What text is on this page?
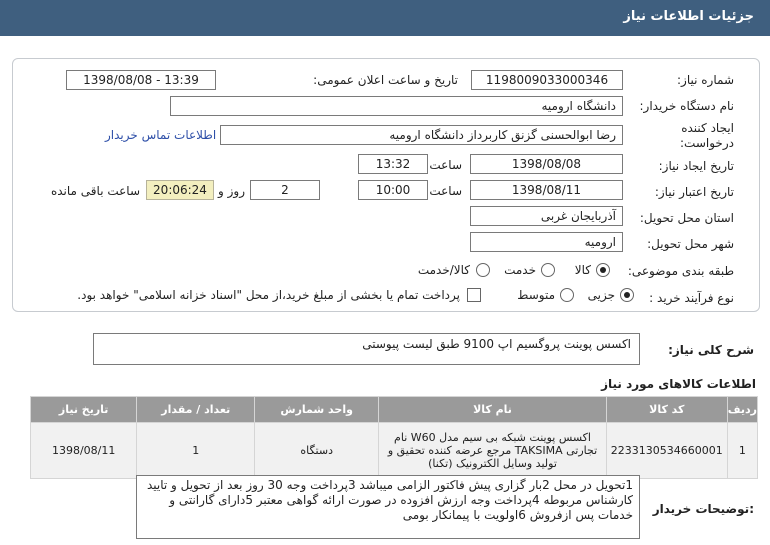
جزئیات اطلاعات نیاز
شماره نیاز:
1198009033000346
تاریخ و ساعت اعلان عمومی:
1398/08/08 - 13:39
نام دستگاه خریدار:
دانشگاه ارومیه
ایجاد کننده
درخواست:
رضا ابوالحسنی گزنق کاربرداز دانشگاه ارومیه
اطلاعات تماس خریدار
تاریخ ایجاد نیاز:
1398/08/08
ساعت
13:32
تاریخ اعتبار نیاز:
1398/08/11
ساعت
10:00
2
روز و
20:06:24
ساعت باقی مانده
استان محل تحویل:
آذربایجان غربی
شهر محل تحویل:
ارومیه
طبقه بندی موضوعی:
کالا
خدمت
کالا/خدمت
نوع فرآیند خرید :
جزیی
متوسط
پرداخت تمام یا بخشی از مبلغ خرید،از محل "اسناد خزانه اسلامی" خواهد بود.
شرح کلی نیاز:
اکسس پوینت پروگسیم اپ 9100 طبق لیست پیوستی
اطلاعات کالاهای مورد نیاز
ردیف	کد کالا	نام کالا	واحد شمارش	تعداد / مقدار	تاریخ نیاز
1	2233130534660001	اکسس پوینت شبکه بی سیم مدل W60 نام تجارتی TAKSIMA مرجع عرضه کننده تحقیق و تولید وسایل الکترونیک (تکنا)	دستگاه	1	1398/08/11
توضیحات خریدار:
1تحویل در محل 2بار گزاری پیش فاکتور الزامی میباشد 3پرداخت وجه 30 روز بعد از تحویل و تایید کارشناس مربوطه 4پرداخت وجه ارزش افزوده در صورت ارائه گواهی معتبر 5دارای گارانتی و خدمات پس ازفروش 6اولویت با پیمانکار بومی
